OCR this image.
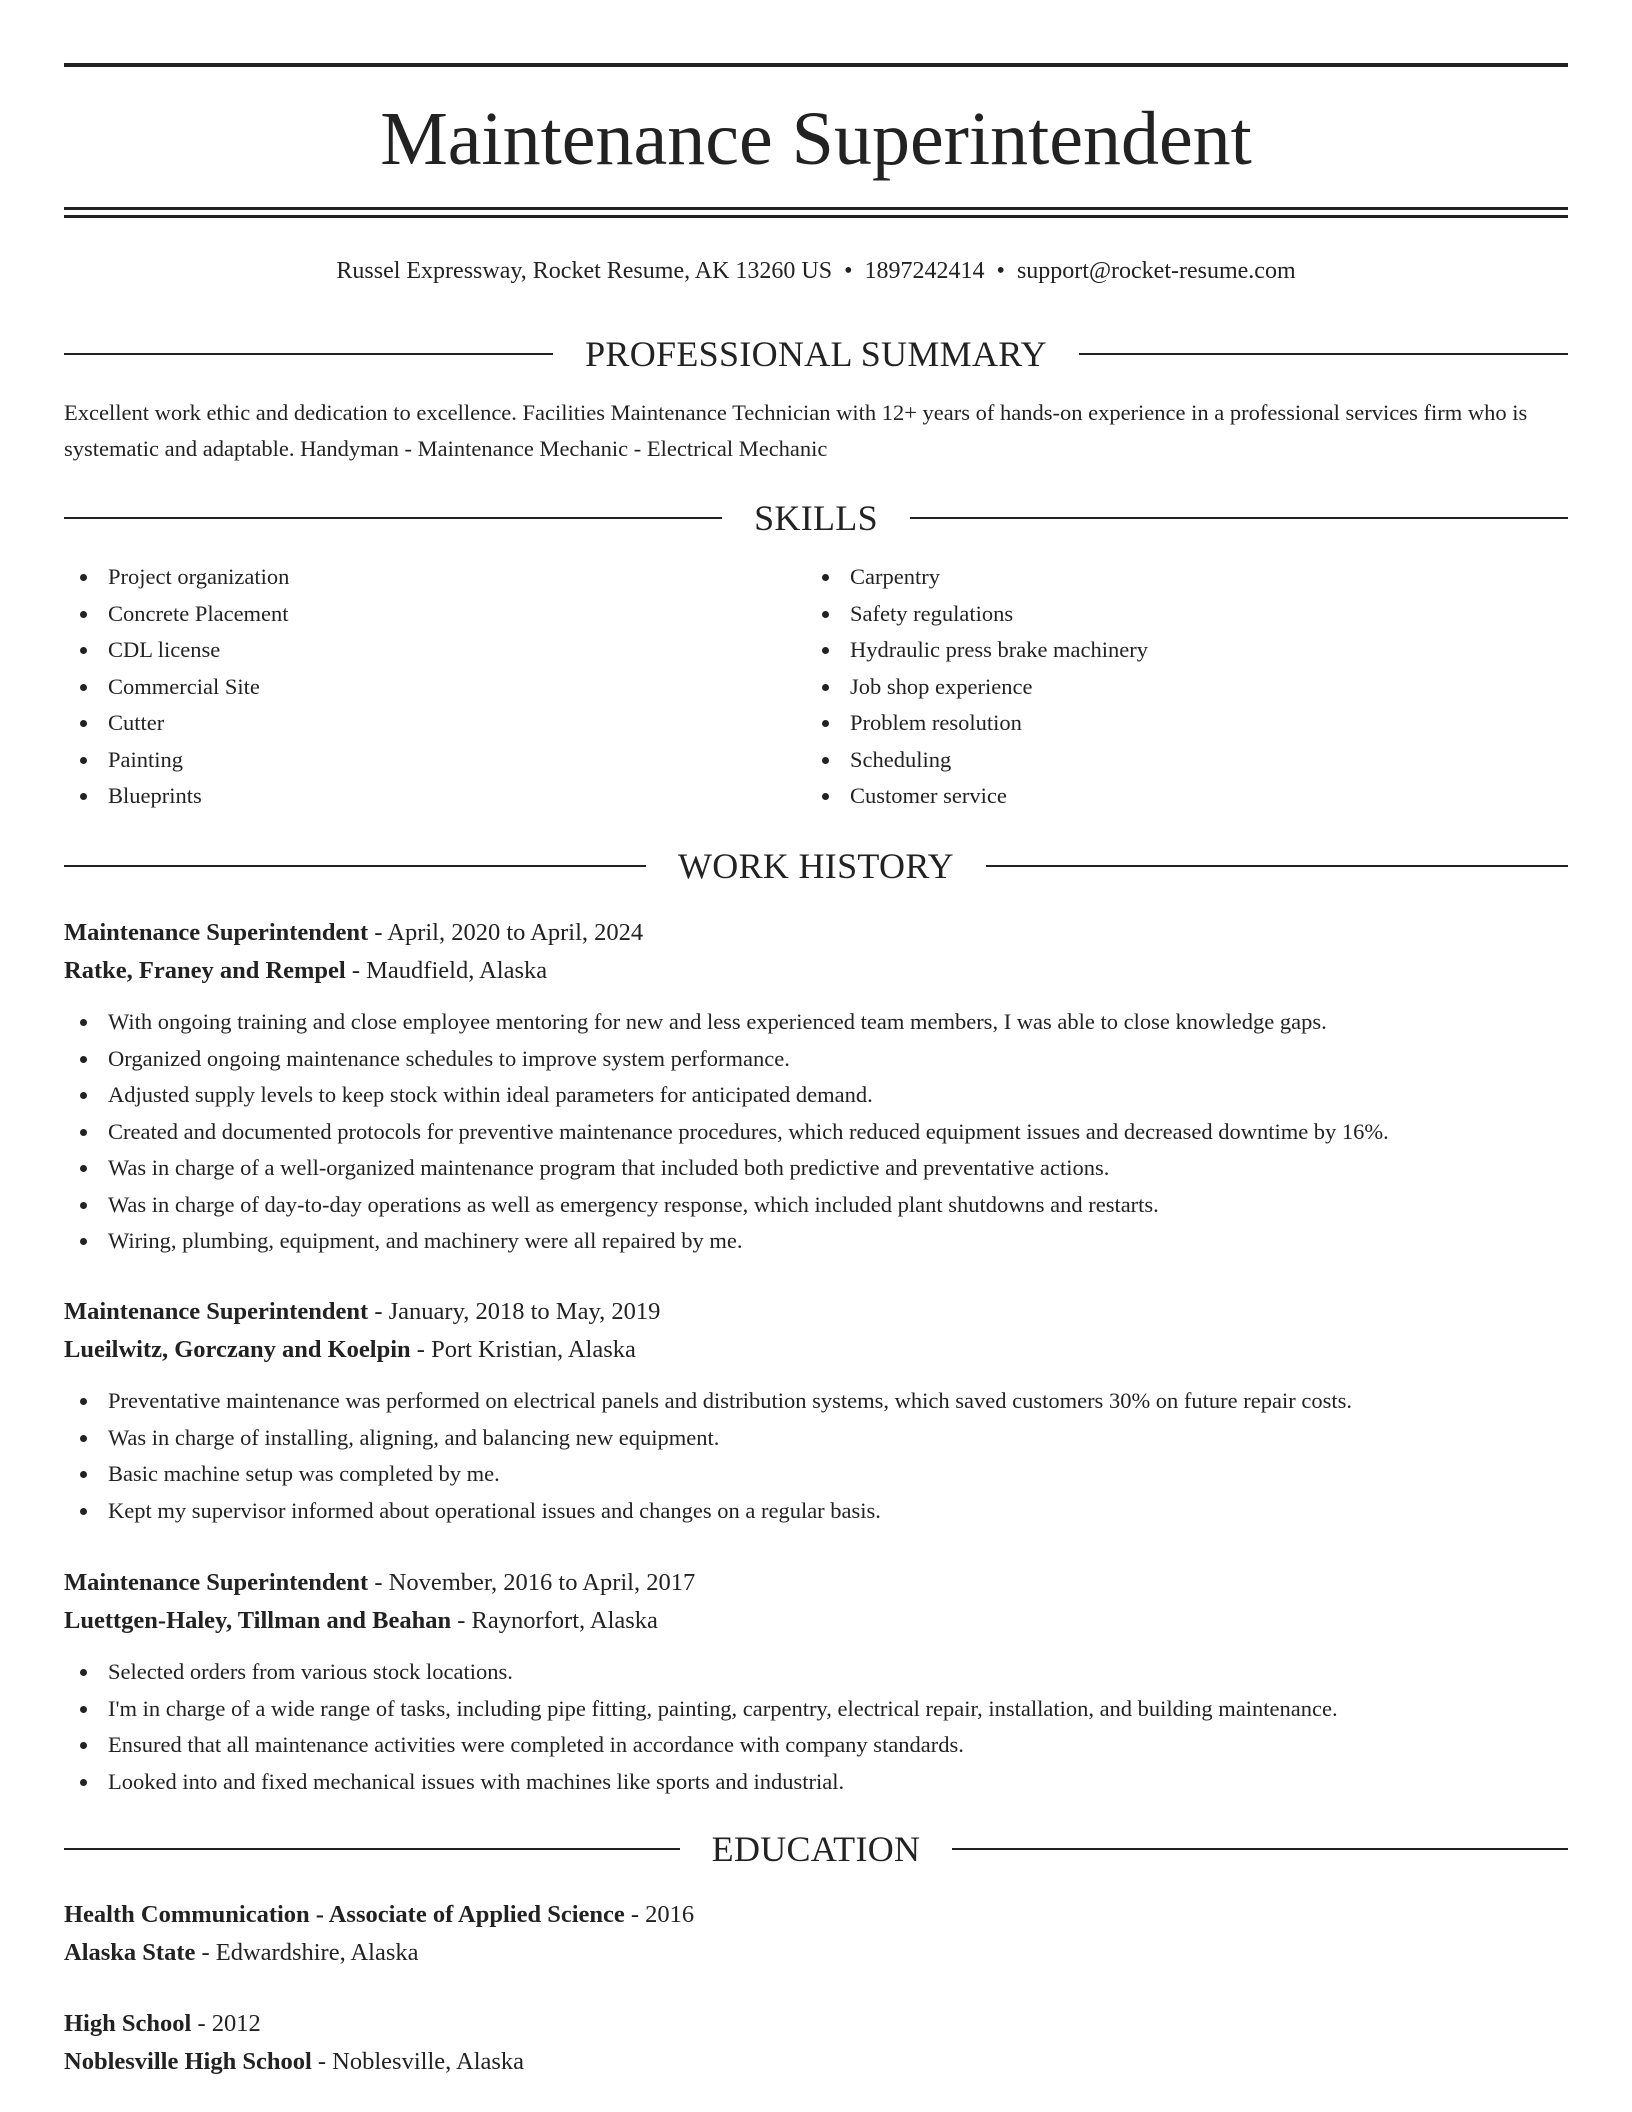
Maintenance Superintendent
Russel Expressway, Rocket Resume, AK 13260 US • 1897242414 • support@rocket-resume.com
PROFESSIONAL SUMMARY
Excellent work ethic and dedication to excellence. Facilities Maintenance Technician with 12+ years of hands-on experience in a professional services firm who is systematic and adaptable. Handyman - Maintenance Mechanic - Electrical Mechanic
SKILLS
Project organization
Concrete Placement
CDL license
Commercial Site
Cutter
Painting
Blueprints
Carpentry
Safety regulations
Hydraulic press brake machinery
Job shop experience
Problem resolution
Scheduling
Customer service
WORK HISTORY
Maintenance Superintendent - April, 2020 to April, 2024
Ratke, Franey and Rempel - Maudfield, Alaska
With ongoing training and close employee mentoring for new and less experienced team members, I was able to close knowledge gaps.
Organized ongoing maintenance schedules to improve system performance.
Adjusted supply levels to keep stock within ideal parameters for anticipated demand.
Created and documented protocols for preventive maintenance procedures, which reduced equipment issues and decreased downtime by 16%.
Was in charge of a well-organized maintenance program that included both predictive and preventative actions.
Was in charge of day-to-day operations as well as emergency response, which included plant shutdowns and restarts.
Wiring, plumbing, equipment, and machinery were all repaired by me.
Maintenance Superintendent - January, 2018 to May, 2019
Lueilwitz, Gorczany and Koelpin - Port Kristian, Alaska
Preventative maintenance was performed on electrical panels and distribution systems, which saved customers 30% on future repair costs.
Was in charge of installing, aligning, and balancing new equipment.
Basic machine setup was completed by me.
Kept my supervisor informed about operational issues and changes on a regular basis.
Maintenance Superintendent - November, 2016 to April, 2017
Luettgen-Haley, Tillman and Beahan - Raynorfort, Alaska
Selected orders from various stock locations.
I'm in charge of a wide range of tasks, including pipe fitting, painting, carpentry, electrical repair, installation, and building maintenance.
Ensured that all maintenance activities were completed in accordance with company standards.
Looked into and fixed mechanical issues with machines like sports and industrial.
EDUCATION
Health Communication - Associate of Applied Science - 2016
Alaska State - Edwardshire, Alaska
High School - 2012
Noblesville High School - Noblesville, Alaska
